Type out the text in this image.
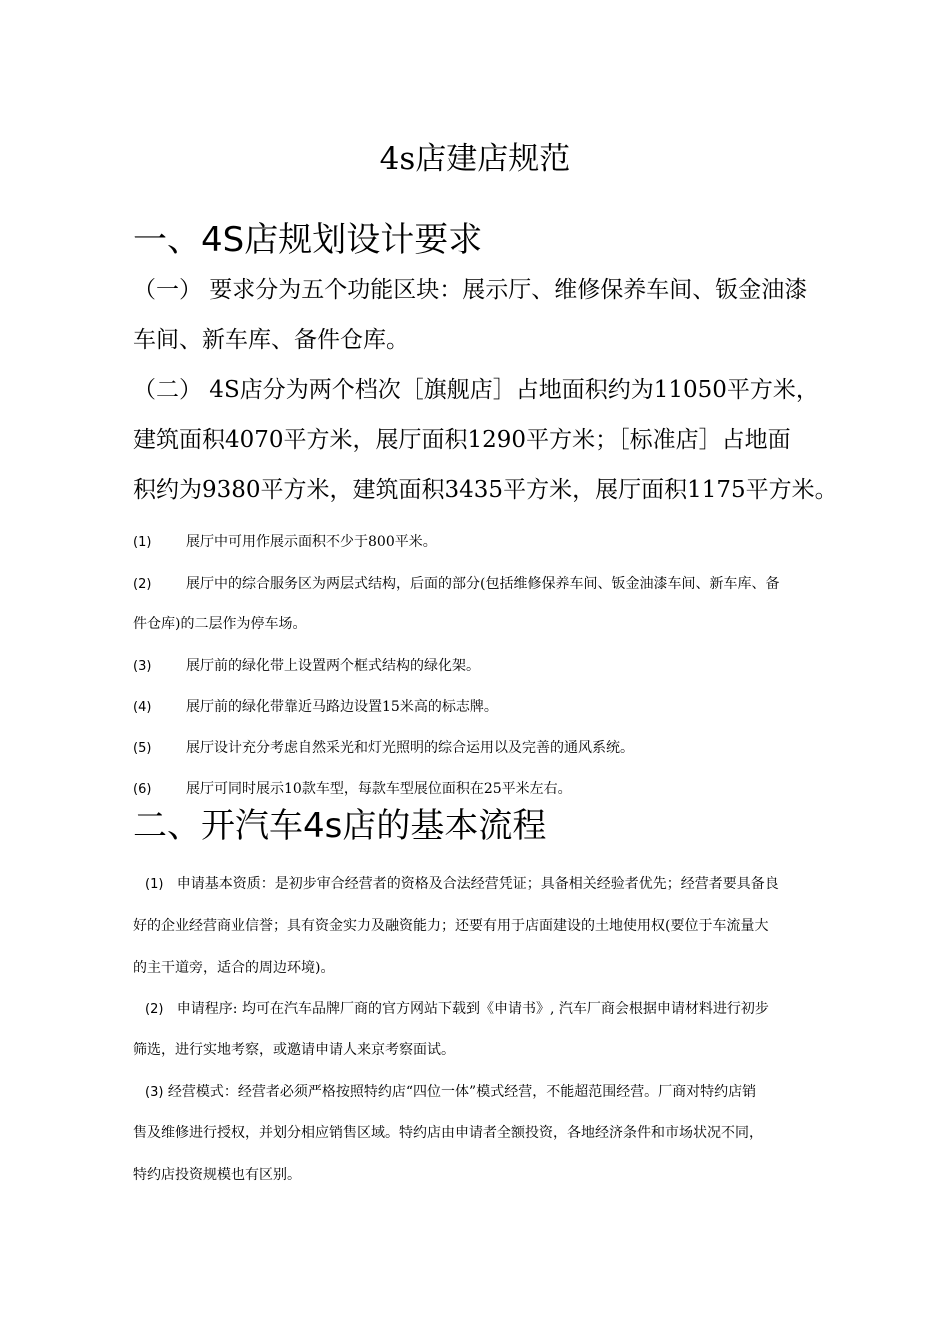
4s店建店规范
一、4S店规划设计要求
（一） 要求分为五个功能区块：展示厅、维修保养车间、钣金油漆
车间、新车库、备件仓库。
（二） 4S店分为两个档次［旗舰店］占地面积约为11050平方米，
建筑面积4070平方米，展厅面积1290平方米；［标准店］占地面
积约为9380平方米，建筑面积3435平方米，展厅面积1175平方米。
(1) 展厅中可用作展示面积不少于800平米。
(2) 展厅中的综合服务区为两层式结构，后面的部分(包括维修保养车间、钣金油漆车间、新车库、备
件仓库)的二层作为停车场。
(3) 展厅前的绿化带上设置两个框式结构的绿化架。
(4) 展厅前的绿化带靠近马路边设置15米高的标志牌。
(5) 展厅设计充分考虑自然采光和灯光照明的综合运用以及完善的通风系统。
(6) 展厅可同时展示10款车型，每款车型展位面积在25平米左右。
二、开汽车4s店的基本流程
(1) 申请基本资质：是初步审合经营者的资格及合法经营凭证；具备相关经验者优先；经营者要具备良
好的企业经营商业信誉；具有资金实力及融资能力；还要有用于店面建设的土地使用权(要位于车流量大
的主干道旁，适合的周边环境)。
(2) 申请程序: 均可在汽车品牌厂商的官方网站下载到《申请书》, 汽车厂商会根据申请材料进行初步
筛选，进行实地考察，或邀请申请人来京考察面试。
(3) 经营模式：经营者必须严格按照特约店“四位一体”模式经营，不能超范围经营。厂商对特约店销
售及维修进行授权，并划分相应销售区域。特约店由申请者全额投资，各地经济条件和市场状况不同，
特约店投资规模也有区别。
